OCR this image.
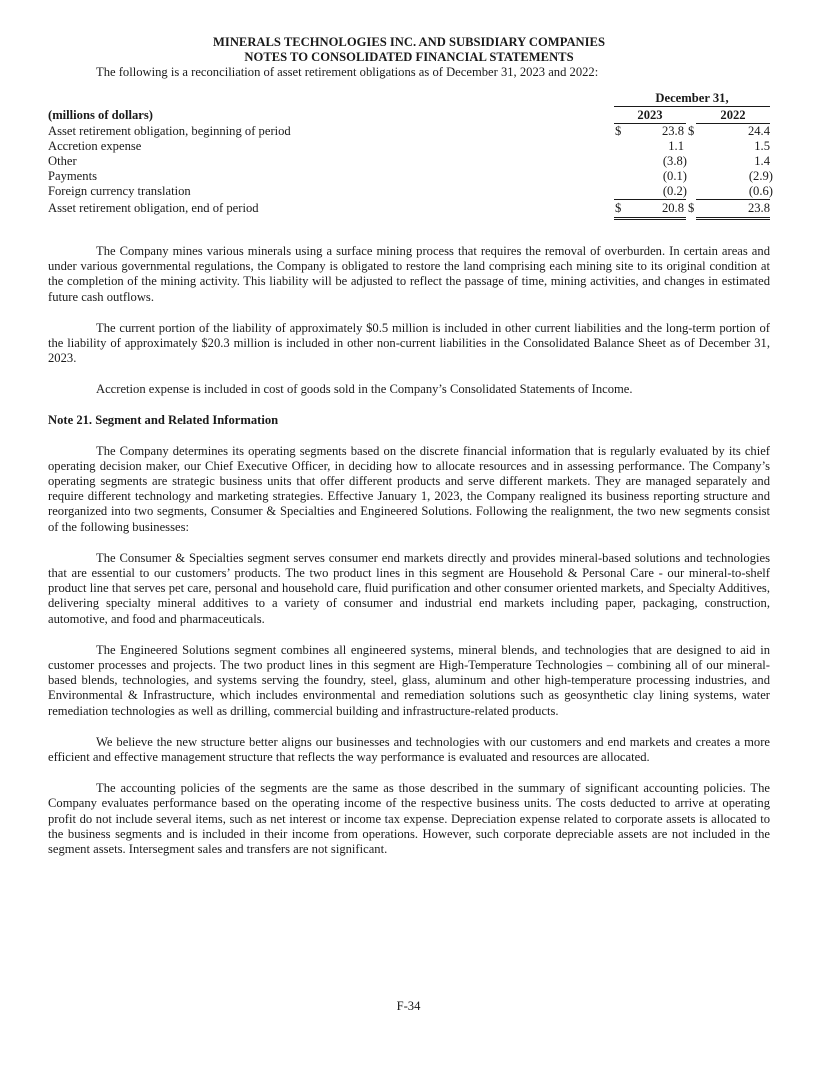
MINERALS TECHNOLOGIES INC. AND SUBSIDIARY COMPANIES
NOTES TO CONSOLIDATED FINANCIAL STATEMENTS
The following is a reconciliation of asset retirement obligations as of December 31, 2023 and 2022:
December 31,
(millions of dollars)	2023	2022
Asset retirement obligation, beginning of period	$	23.8 $	24.4
Accretion expense	1.1	1.5
Other	(3.8)	1.4
Payments	(0.1)	(2.9)
Foreign currency translation	(0.2)	(0.6)
Asset retirement obligation, end of period	$	20.8 $	23.8

The Company mines various minerals using a surface mining process that requires the removal of overburden. In certain areas and under various governmental regulations, the Company is obligated to restore the land comprising each mining site to its original condition at the completion of the mining activity. This liability will be adjusted to reflect the passage of time, mining activities, and changes in estimated future cash outflows.

The current portion of the liability of approximately $0.5 million is included in other current liabilities and the long-term portion of the liability of approximately $20.3 million is included in other non-current liabilities in the Consolidated Balance Sheet as of December 31, 2023.

Accretion expense is included in cost of goods sold in the Company’s Consolidated Statements of Income.

Note 21. Segment and Related Information

The Company determines its operating segments based on the discrete financial information that is regularly evaluated by its chief operating decision maker, our Chief Executive Officer, in deciding how to allocate resources and in assessing performance. The Company’s operating segments are strategic business units that offer different products and serve different markets. They are managed separately and require different technology and marketing strategies. Effective January 1, 2023, the Company realigned its business reporting structure and reorganized into two segments, Consumer & Specialties and Engineered Solutions. Following the realignment, the two new segments consist of the following businesses:

The Consumer & Specialties segment serves consumer end markets directly and provides mineral-based solutions and technologies that are essential to our customers’ products. The two product lines in this segment are Household & Personal Care - our mineral-to-shelf product line that serves pet care, personal and household care, fluid purification and other consumer oriented markets, and Specialty Additives, delivering specialty mineral additives to a variety of consumer and industrial end markets including paper, packaging, construction, automotive, and food and pharmaceuticals.

The Engineered Solutions segment combines all engineered systems, mineral blends, and technologies that are designed to aid in customer processes and projects. The two product lines in this segment are High-Temperature Technologies – combining all of our mineral-based blends, technologies, and systems serving the foundry, steel, glass, aluminum and other high-temperature processing industries, and Environmental & Infrastructure, which includes environmental and remediation solutions such as geosynthetic clay lining systems, water remediation technologies as well as drilling, commercial building and infrastructure-related products.

We believe the new structure better aligns our businesses and technologies with our customers and end markets and creates a more efficient and effective management structure that reflects the way performance is evaluated and resources are allocated.

The accounting policies of the segments are the same as those described in the summary of significant accounting policies. The Company evaluates performance based on the operating income of the respective business units. The costs deducted to arrive at operating profit do not include several items, such as net interest or income tax expense. Depreciation expense related to corporate assets is allocated to the business segments and is included in their income from operations. However, such corporate depreciable assets are not included in the segment assets. Intersegment sales and transfers are not significant.

F-34
